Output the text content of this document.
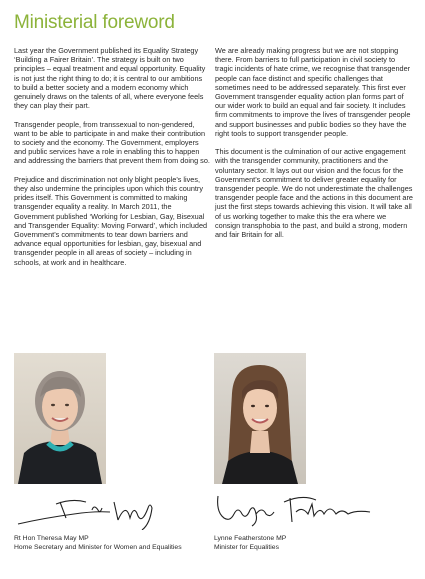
Ministerial foreword

Last year the Government published its Equality Strategy ‘Building a Fairer Britain’. The strategy is built on two principles – equal treatment and equal opportunity. Equality is not just the right thing to do; it is central to our ambitions to build a better society and a modern economy which genuinely draws on the talents of all, where everyone feels they can play their part.

Transgender people, from transsexual to non-gendered, want to be able to participate in and make their contribution to society and the economy. The Government, employers and public services have a role in enabling this to happen and addressing the barriers that prevent them from doing so.

Prejudice and discrimination not only blight people’s lives, they also undermine the principles upon which this country prides itself. This Government is committed to making transgender equality a reality. In March 2011, the Government published ‘Working for Lesbian, Gay, Bisexual and Transgender Equality: Moving Forward’, which included Government’s commitments to tear down barriers and advance equal opportunities for lesbian, gay, bisexual and transgender people in all areas of society – including in schools, at work and in healthcare.

We are already making progress but we are not stopping there. From barriers to full participation in civil society to tragic incidents of hate crime, we recognise that transgender people can face distinct and specific challenges that sometimes need to be addressed separately. This first ever Government transgender equality action plan forms part of our wider work to build an equal and fair society. It includes firm commitments to improve the lives of transgender people and support businesses and public bodies so they have the right tools to support transgender people.

This document is the culmination of our active engagement with the transgender community, practitioners and the voluntary sector. It lays out our vision and the focus for the Government’s commitment to deliver greater equality for transgender people. We do not underestimate the challenges transgender people face and the actions in this document are just the first steps towards achieving this vision. It will take all of us working together to make this the era where we consign transphobia to the past, and build a strong, modern and fair Britain for all.

Rt Hon Theresa May MP
Home Secretary and Minister for Women and Equalities
Lynne Featherstone MP
Minister for Equalities
